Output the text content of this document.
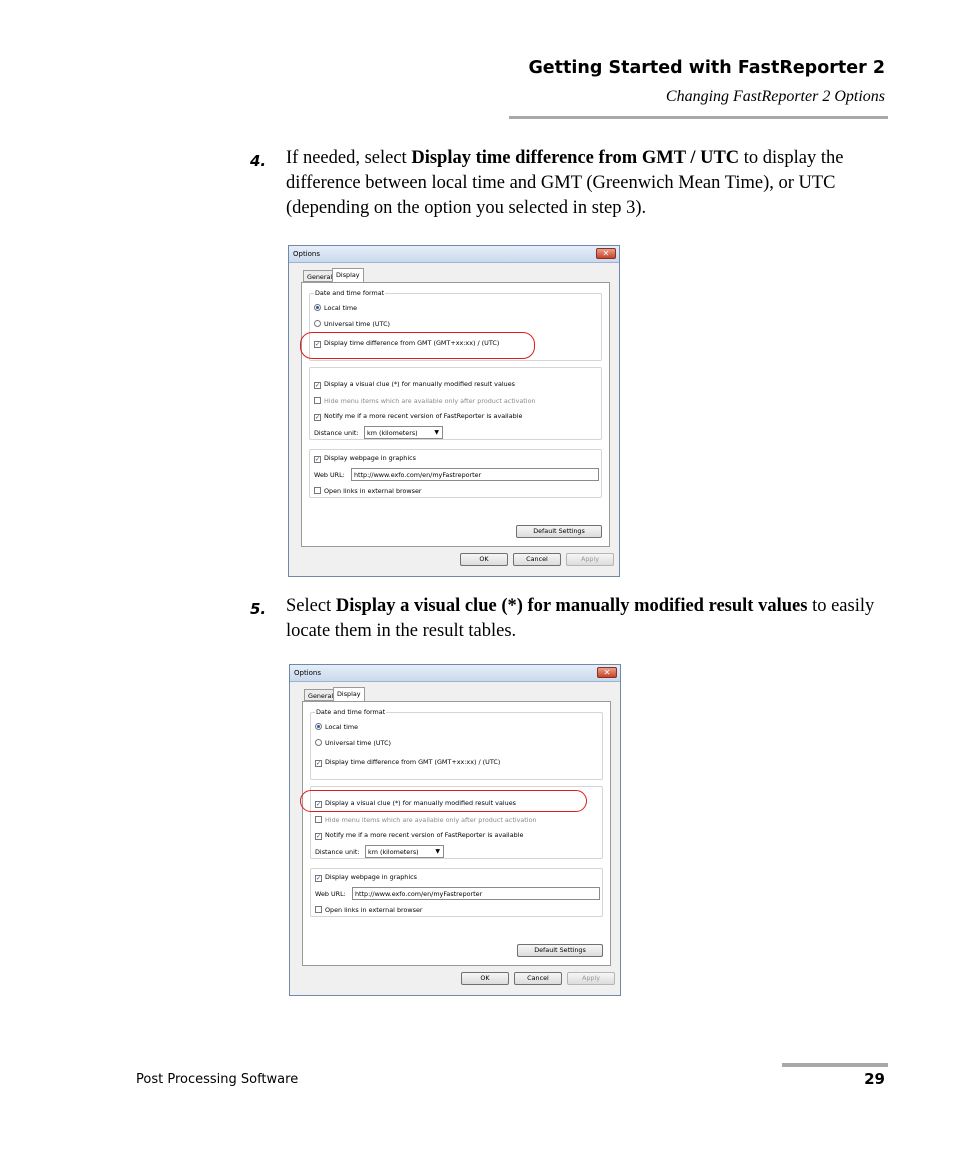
Getting Started with FastReporter 2
Changing FastReporter 2 Options
4. If needed, select Display time difference from GMT / UTC to display the difference between local time and GMT (Greenwich Mean Time), or UTC (depending on the option you selected in step 3).
Options	✕
General Display
Date and time format
Local time
Universal time (UTC)
✓ Display time difference from GMT (GMT+xx:xx) / (UTC)
✓ Display a visual clue (*) for manually modified result values
Hide menu items which are available only after product activation
✓ Notify me if a more recent version of FastReporter is available
Distance unit:	km (kilometers)	▼
✓ Display webpage in graphics
Web URL:	http://www.exfo.com/en/myFastreporter
Open links in external browser
Default Settings
OK	Cancel	Apply
5. Select Display a visual clue (*) for manually modified result values to easily locate them in the result tables.
Options	✕
General Display
Date and time format
Local time
Universal time (UTC)
✓ Display time difference from GMT (GMT+xx:xx) / (UTC)
✓ Display a visual clue (*) for manually modified result values
Hide menu items which are available only after product activation
✓ Notify me if a more recent version of FastReporter is available
Distance unit:	km (kilometers)	▼
✓ Display webpage in graphics
Web URL:	http://www.exfo.com/en/myFastreporter
Open links in external browser
Default Settings
OK	Cancel	Apply
Post Processing Software	29
